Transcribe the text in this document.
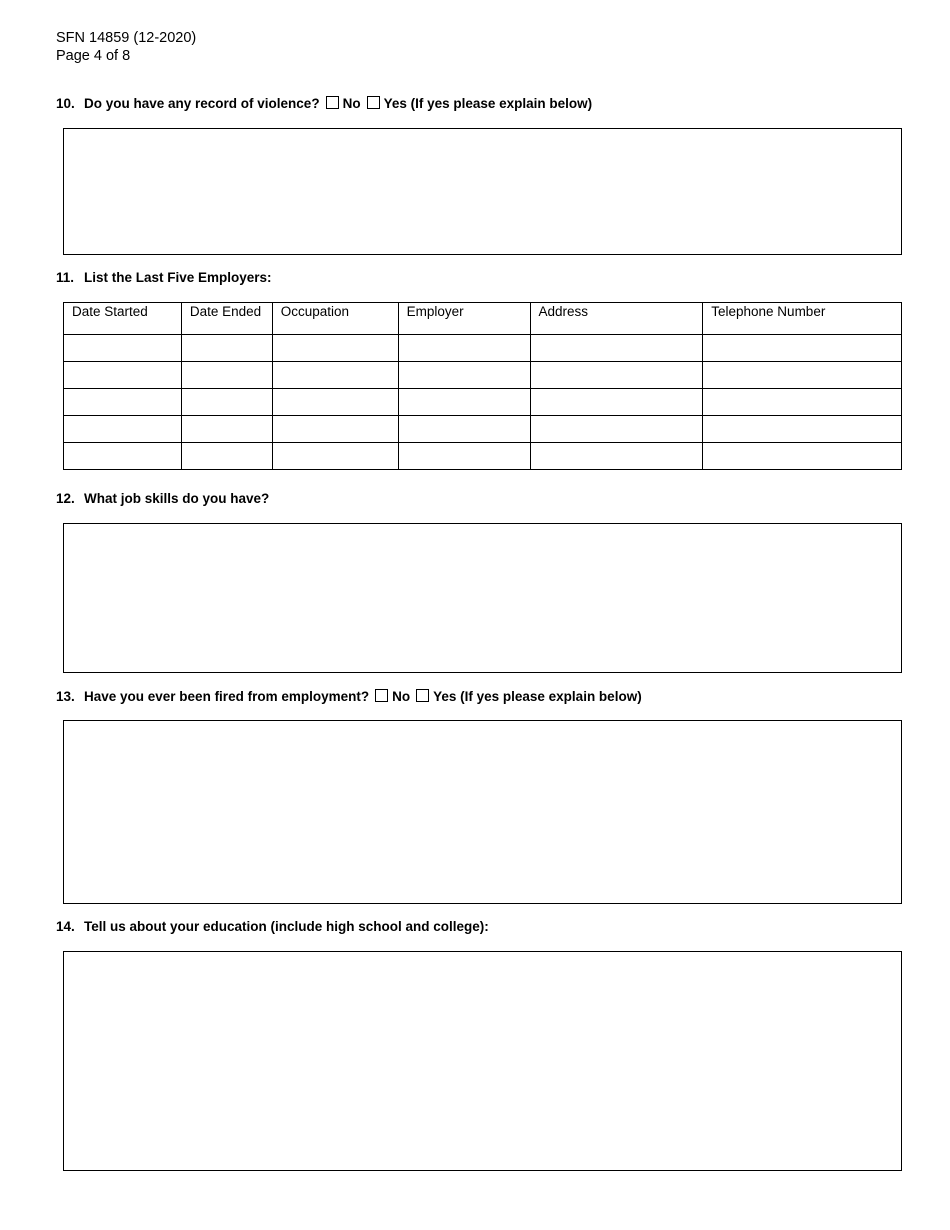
SFN 14859 (12-2020)
Page 4 of 8
10. Do you have any record of violence? No Yes (If yes please explain below)
11. List the Last Five Employers:
Date Started	Date Ended	Occupation	Employer	Address	Telephone Number

12. What job skills do you have?
13. Have you ever been fired from employment? No Yes (If yes please explain below)
14. Tell us about your education (include high school and college):
